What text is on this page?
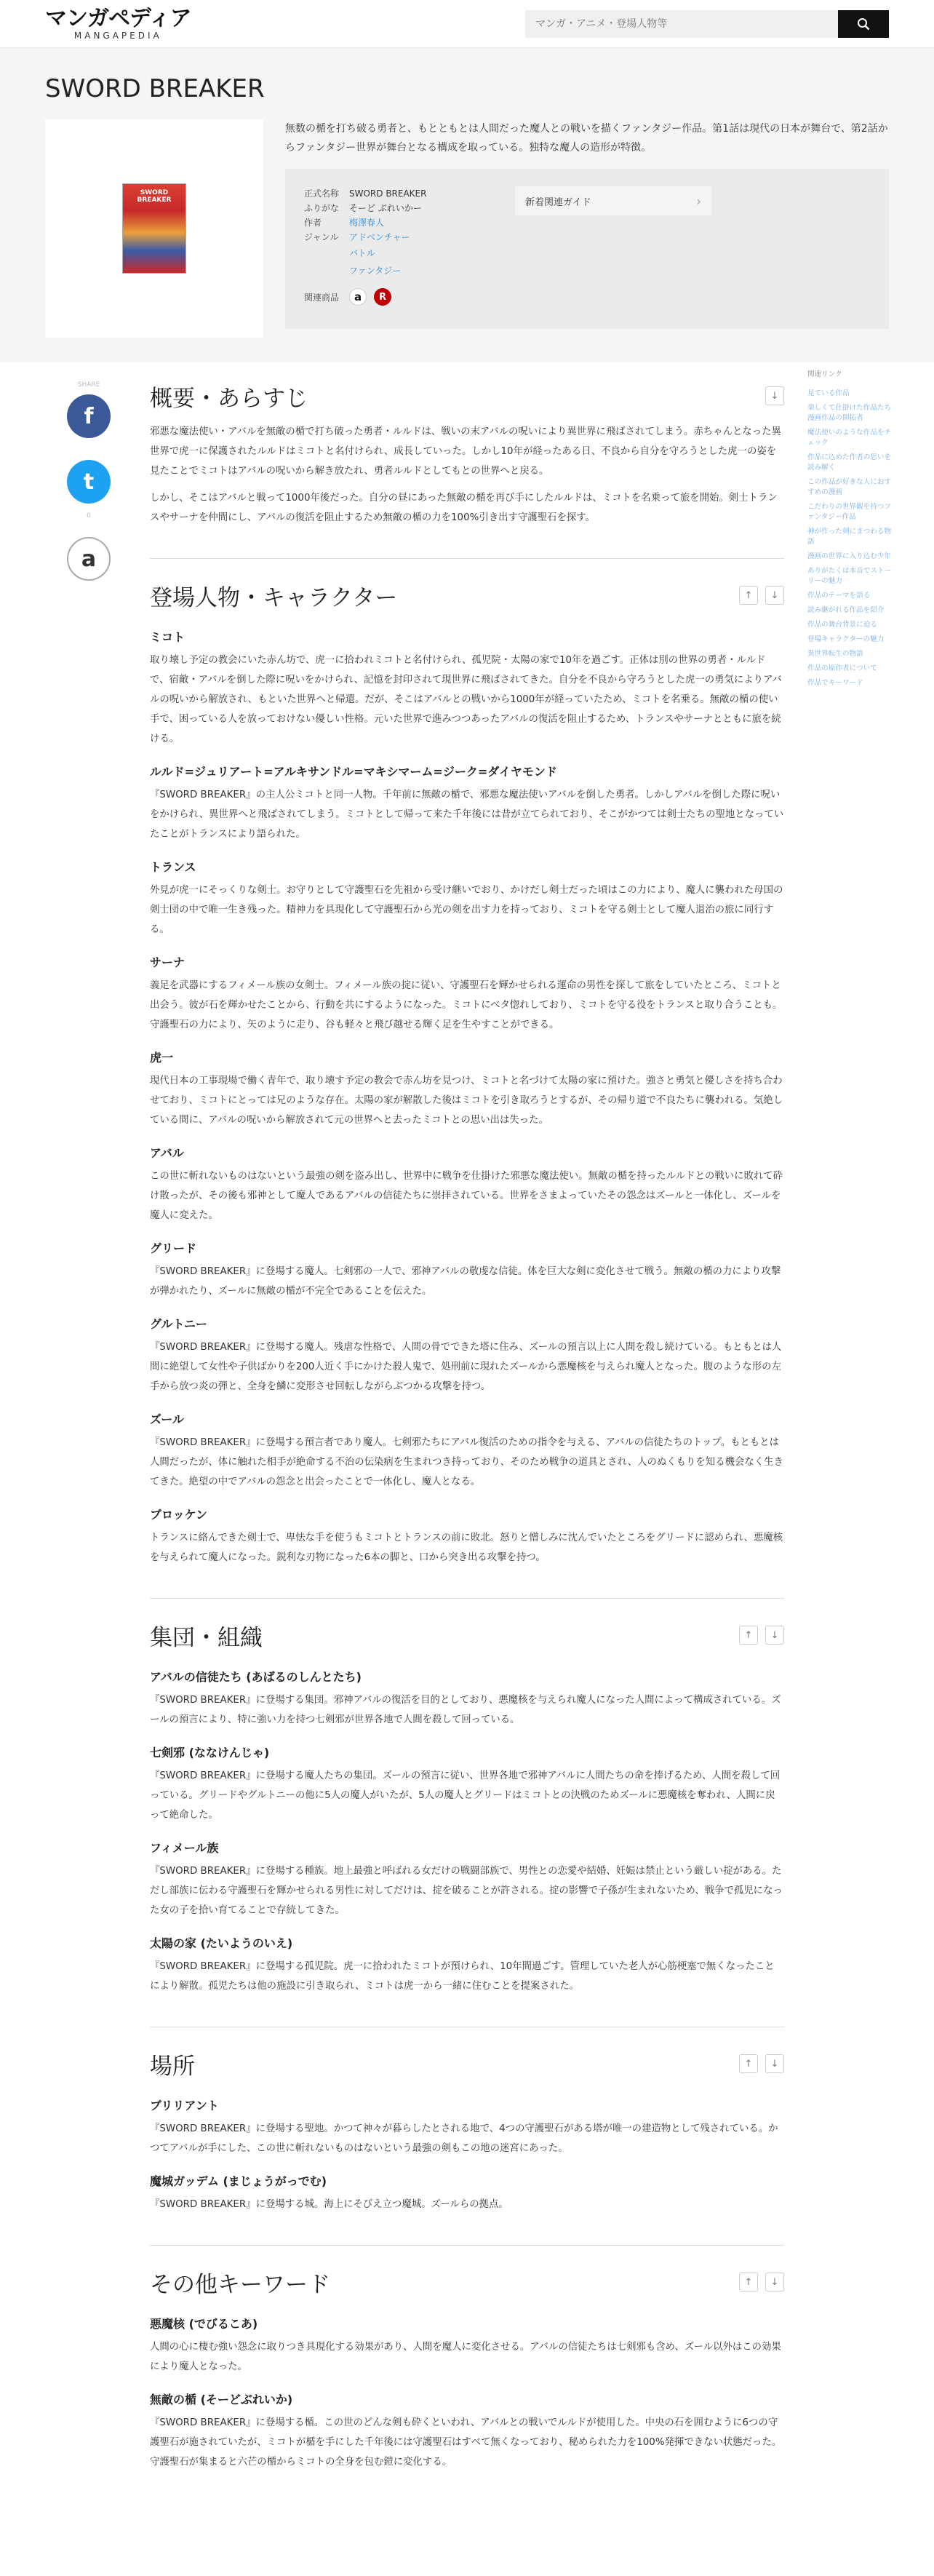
マンガペディア
MANGAPEDIA
マンガ・アニメ・登場人物等
SWORD BREAKER
SWORD BREAKER

無数の楯を打ち破る勇者と、もとともとは人間だった魔人との戦いを描くファンタジー作品。第1話は現代の日本が舞台で、第2話からファンタジー世界が舞台となる構成を取っている。独特な魔人の造形が特徴。

正式名称	SWORD BREAKER
ふりがな	そーど ぶれいかー
作者	梅澤春人
ジャンル	アドベンチャー
バトル
ファンタジー
関連商品	a	R
新着関連ガイド	›
SHARE
f
t
0
a
概要・あらすじ	↓

邪悪な魔法使い・アバルを無敵の楯で打ち破った勇者・ルルドは、戦いの末アバルの呪いにより異世界に飛ばされてしまう。赤ちゃんとなった異世界で虎一に保護されたルルドはミコトと名付けられ、成長していった。しかし10年が経ったある日、不良から自分を守ろうとした虎一の姿を見たことでミコトはアバルの呪いから解き放たれ、勇者ルルドとしてもとの世界へと戻る。

しかし、そこはアバルと戦って1000年後だった。自分の昼にあった無敵の楯を再び手にしたルルドは、ミコトを名乗って旅を開始。剣士トランスやサーナを仲間にし、アバルの復活を阻止するため無敵の楯の力を100%引き出す守護聖石を探す。

登場人物・キャラクター	↑	↓
ミコト

取り壊し予定の教会にいた赤ん坊で、虎一に拾われミコトと名付けられ、孤児院・太陽の家で10年を過ごす。正体は別の世界の勇者・ルルドで、宿敵・アバルを倒した際に呪いをかけられ、記憶を封印されて現世界に飛ばされてきた。自分を不良から守ろうとした虎一の勇気によりアバルの呪いから解放され、もといた世界へと帰還。だが、そこはアバルとの戦いから1000年が経っていたため、ミコトを名乗る。無敵の楯の使い手で、困っている人を放っておけない優しい性格。元いた世界で進みつつあったアバルの復活を阻止するため、トランスやサーナとともに旅を続ける。

ルルド=ジュリアート=アルキサンドル=マキシマーム=ジーク=ダイヤモンド

『SWORD BREAKER』の主人公ミコトと同一人物。千年前に無敵の楯で、邪悪な魔法使いアバルを倒した勇者。しかしアバルを倒した際に呪いをかけられ、異世界へと飛ばされてしまう。ミコトとして帰って来た千年後には昔が立てられており、そこがかつては剣士たちの聖地となっていたことがトランスにより語られた。

トランス

外見が虎一にそっくりな剣士。お守りとして守護聖石を先祖から受け継いでおり、かけだし剣士だった頃はこの力により、魔人に襲われた母国の剣士団の中で唯一生き残った。精神力を具現化して守護聖石から光の剣を出す力を持っており、ミコトを守る剣士として魔人退治の旅に同行する。

サーナ

義足を武器にするフィメール族の女剣士。フィメール族の掟に従い、守護聖石を輝かせられる運命の男性を探して旅をしていたところ、ミコトと出会う。彼が石を輝かせたことから、行動を共にするようになった。ミコトにべタ惚れしており、ミコトを守る役をトランスと取り合うことも。守護聖石の力により、矢のように走り、谷も軽々と飛び越せる輝く足を生やすことができる。

虎一

現代日本の工事現場で働く青年で、取り壊す予定の教会で赤ん坊を見つけ、ミコトと名づけて太陽の家に預けた。強さと勇気と優しさを持ち合わせており、ミコトにとっては兄のような存在。太陽の家が解散した後はミコトを引き取ろうとするが、その帰り道で不良たちに襲われる。気絶している間に、アバルの呪いから解放されて元の世界へと去ったミコトとの思い出は失った。

アバル

この世に斬れないものはないという最強の剣を盗み出し、世界中に戦争を仕掛けた邪悪な魔法使い。無敵の楯を持ったルルドとの戦いに敗れて砕け散ったが、その後も邪神として魔人であるアバルの信徒たちに崇拝されている。世界をさまよっていたその怨念はズールと一体化し、ズールを魔人に変えた。

グリード

『SWORD BREAKER』に登場する魔人。七剣邪の一人で、邪神アバルの敬虔な信徒。体を巨大な剣に変化させて戦う。無敵の楯の力により攻撃が弾かれたり、ズールに無敵の楯が不完全であることを伝えた。

グルトニー

『SWORD BREAKER』に登場する魔人。残虐な性格で、人間の骨でできた塔に住み、ズールの預言以上に人間を殺し続けている。もともとは人間に絶望して女性や子供ばかりを200人近く手にかけた殺人鬼で、処刑前に現れたズールから悪魔核を与えられ魔人となった。腹のような形の左手から放つ炎の弾と、全身を鱗に変形させ回転しながらぶつかる攻撃を持つ。

ズール

『SWORD BREAKER』に登場する預言者であり魔人。七剣邪たちにアバル復活のための指令を与える、アバルの信徒たちのトップ。もともとは人間だったが、体に触れた相手が絶命する不治の伝染病を生まれつき持っており、そのため戦争の道具とされ、人のぬくもりを知る機会なく生きてきた。絶望の中でアバルの怨念と出会ったことで一体化し、魔人となる。

ブロッケン

トランスに絡んできた剣士で、卑怯な手を使うもミコトとトランスの前に敗北。怒りと憎しみに沈んでいたところをグリードに認められ、悪魔核を与えられて魔人になった。鋭利な刃物になった6本の脚と、口から突き出る攻撃を持つ。

集団・組織	↑	↓
アバルの信徒たち (あばるのしんとたち)

『SWORD BREAKER』に登場する集団。邪神アバルの復活を目的としており、悪魔核を与えられ魔人になった人間によって構成されている。ズールの預言により、特に強い力を持つ七剣邪が世界各地で人間を殺して回っている。

七剣邪 (ななけんじゃ)

『SWORD BREAKER』に登場する魔人たちの集団。ズールの預言に従い、世界各地で邪神アバルに人間たちの命を捧げるため、人間を殺して回っている。グリードやグルトニーの他に5人の魔人がいたが、5人の魔人とグリードはミコトとの決戦のためズールに悪魔核を奪われ、人間に戻って絶命した。

フィメール族

『SWORD BREAKER』に登場する種族。地上最強と呼ばれる女だけの戦闘部族で、男性との恋愛や結婚、妊娠は禁止という厳しい掟がある。ただし部族に伝わる守護聖石を輝かせられる男性に対してだけは、掟を破ることが許される。掟の影響で子孫が生まれないため、戦争で孤児になった女の子を拾い育てることで存続してきた。

太陽の家 (たいようのいえ)

『SWORD BREAKER』に登場する孤児院。虎一に拾われたミコトが預けられ、10年間過ごす。管理していた老人が心筋梗塞で無くなったことにより解散。孤児たちは他の施設に引き取られ、ミコトは虎一から一緒に住むことを提案された。

場所	↑	↓
ブリリアント

『SWORD BREAKER』に登場する聖地。かつて神々が暮らしたとされる地で、4つの守護聖石がある塔が唯一の建造物として残されている。かつてアバルが手にした、この世に斬れないものはないという最強の剣もこの地の迷宮にあった。

魔城ガッデム (まじょうがっでむ)

『SWORD BREAKER』に登場する城。海上にそびえ立つ魔城。ズールらの拠点。

その他キーワード	↑	↓
悪魔核 (でびるこあ)

人間の心に棲む強い怨念に取りつき具現化する効果があり、人間を魔人に変化させる。アバルの信徒たちは七剣邪も含め、ズール以外はこの効果により魔人となった。

無敵の楯 (そーどぶれいか)

『SWORD BREAKER』に登場する楯。この世のどんな剣も砕くといわれ、アバルとの戦いでルルドが使用した。中央の石を囲むように6つの守護聖石が施されていたが、ミコトが楯を手にした千年後には守護聖石はすべて無くなっており、秘められた力を100%発揮できない状態だった。守護聖石が集まると六芒の楯からミコトの全身を包む鎧に変化する。

関連リンク
見ている作品
楽しくて仕掛けた作品たち漫画作品の開拓者
魔法使いのような作品をチェック
作品に込めた作者の思いを読み解く
この作品が好きな人におすすめの漫画
こだわりの世界観を持つファンタジー作品
神が作った剣にまつわる物語
漫画の世界に入り込む少年
ありがたくは本音でストーリーの魅力
作品のテーマを語る
読み継がれる作品を紹介
作品の舞台背景に迫る
登場キャラクターの魅力
異世界転生の物語
作品の原作者について
作品でキーワード
